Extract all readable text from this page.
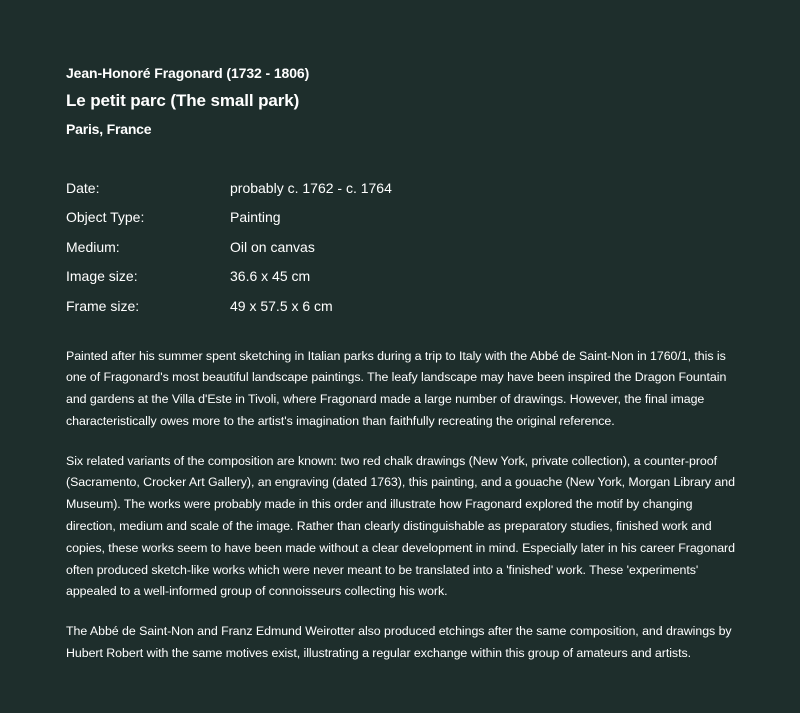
Jean-Honoré Fragonard (1732 - 1806)

Le petit parc (The small park)

Paris, France

Date:	probably c. 1762 - c. 1764
Object Type:	Painting
Medium:	Oil on canvas
Image size:	36.6 x 45 cm
Frame size:	49 x 57.5 x 6 cm

Painted after his summer spent sketching in Italian parks during a trip to Italy with the Abbé de Saint-Non in 1760/1, this is one of Fragonard's most beautiful landscape paintings. The leafy landscape may have been inspired the Dragon Fountain and gardens at the Villa d'Este in Tivoli, where Fragonard made a large number of drawings. However, the final image characteristically owes more to the artist's imagination than faithfully recreating the original reference.

Six related variants of the composition are known: two red chalk drawings (New York, private collection), a counter-proof (Sacramento, Crocker Art Gallery), an engraving (dated 1763), this painting, and a gouache (New York, Morgan Library and Museum). The works were probably made in this order and illustrate how Fragonard explored the motif by changing direction, medium and scale of the image. Rather than clearly distinguishable as preparatory studies, finished work and copies, these works seem to have been made without a clear development in mind. Especially later in his career Fragonard often produced sketch-like works which were never meant to be translated into a 'finished' work. These 'experiments' appealed to a well-informed group of connoisseurs collecting his work.

The Abbé de Saint-Non and Franz Edmund Weirotter also produced etchings after the same composition, and drawings by Hubert Robert with the same motives exist, illustrating a regular exchange within this group of amateurs and artists.
